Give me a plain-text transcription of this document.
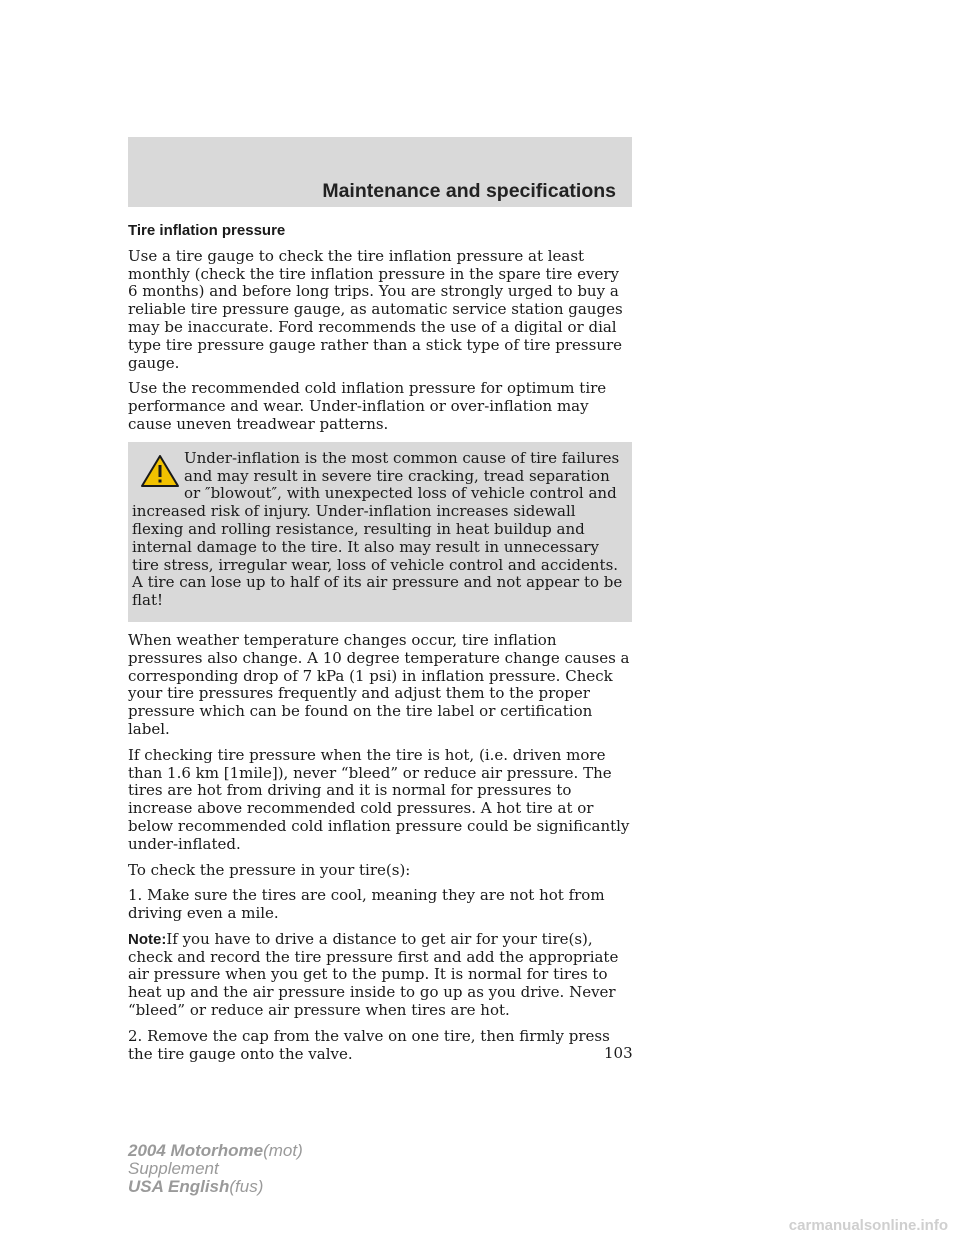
Maintenance and specifications
Tire inflation pressure

Use a tire gauge to check the tire inflation pressure at least monthly (check the tire inflation pressure in the spare tire every 6 months) and before long trips. You are strongly urged to buy a reliable tire pressure gauge, as automatic service station gauges may be inaccurate. Ford recommends the use of a digital or dial type tire pressure gauge rather than a stick type of tire pressure gauge.

Use the recommended cold inflation pressure for optimum tire performance and wear. Under-inflation or over-inflation may cause uneven treadwear patterns.

Under-inflation is the most common cause of tire failures and may result in severe tire cracking, tread separation or ″blowout″, with unexpected loss of vehicle control and increased risk of injury. Under-inflation increases sidewall flexing and rolling resistance, resulting in heat buildup and internal damage to the tire. It also may result in unnecessary tire stress, irregular wear, loss of vehicle control and accidents. A tire can lose up to half of its air pressure and not appear to be flat!

When weather temperature changes occur, tire inflation pressures also change. A 10 degree temperature change causes a corresponding drop of 7 kPa (1 psi) in inflation pressure. Check your tire pressures frequently and adjust them to the proper pressure which can be found on the tire label or certification label.

If checking tire pressure when the tire is hot, (i.e. driven more than 1.6 km [1mile]), never “bleed” or reduce air pressure. The tires are hot from driving and it is normal for pressures to increase above recommended cold pressures. A hot tire at or below recommended cold inflation pressure could be significantly under-inflated.

To check the pressure in your tire(s):

1. Make sure the tires are cool, meaning they are not hot from driving even a mile.

Note:If you have to drive a distance to get air for your tire(s), check and record the tire pressure first and add the appropriate air pressure when you get to the pump. It is normal for tires to heat up and the air pressure inside to go up as you drive. Never “bleed” or reduce air pressure when tires are hot.

2. Remove the cap from the valve on one tire, then firmly press the tire gauge onto the valve.	103
2004 Motorhome(mot)
Supplement
USA English(fus)
carmanualsonline.info
